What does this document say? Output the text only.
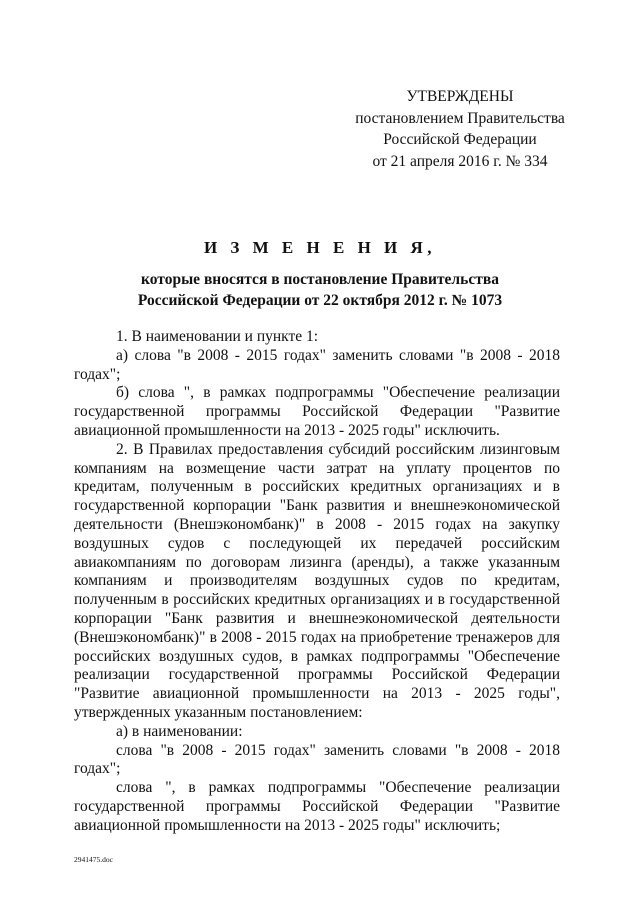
УТВЕРЖДЕНЫ
постановлением Правительства
Российской Федерации
от 21 апреля 2016 г. № 334
И З М Е Н Е Н И Я,
которые вносятся в постановление Правительства
Российской Федерации от 22 октября 2012 г. № 1073

1. В наименовании и пункте 1:

а) слова "в 2008 - 2015 годах" заменить словами "в 2008 - 2018 годах";

б) слова ", в рамках подпрограммы "Обеспечение реализации государственной программы Российской Федерации "Развитие авиационной промышленности на 2013 - 2025 годы" исключить.

2. В Правилах предоставления субсидий российским лизинговым компаниям на возмещение части затрат на уплату процентов по кредитам, полученным в российских кредитных организациях и в государственной корпорации "Банк развития и внешнеэкономической деятельности (Внешэкономбанк)" в 2008 - 2015 годах на закупку воздушных судов с последующей их передачей российским авиакомпаниям по договорам лизинга (аренды), а также указанным компаниям и производителям воздушных судов по кредитам, полученным в российских кредитных организациях и в государственной корпорации "Банк развития и внешнеэкономической деятельности (Внешэкономбанк)" в 2008 - 2015 годах на приобретение тренажеров для российских воздушных судов, в рамках подпрограммы "Обеспечение реализации государственной программы Российской Федерации "Развитие авиационной промышленности на 2013 - 2025 годы", утвержденных указанным постановлением:

а) в наименовании:

слова "в 2008 - 2015 годах" заменить словами "в 2008 - 2018 годах";

слова ", в рамках подпрограммы "Обеспечение реализации государственной программы Российской Федерации "Развитие авиационной промышленности на 2013 - 2025 годы" исключить;

2941475.doc
